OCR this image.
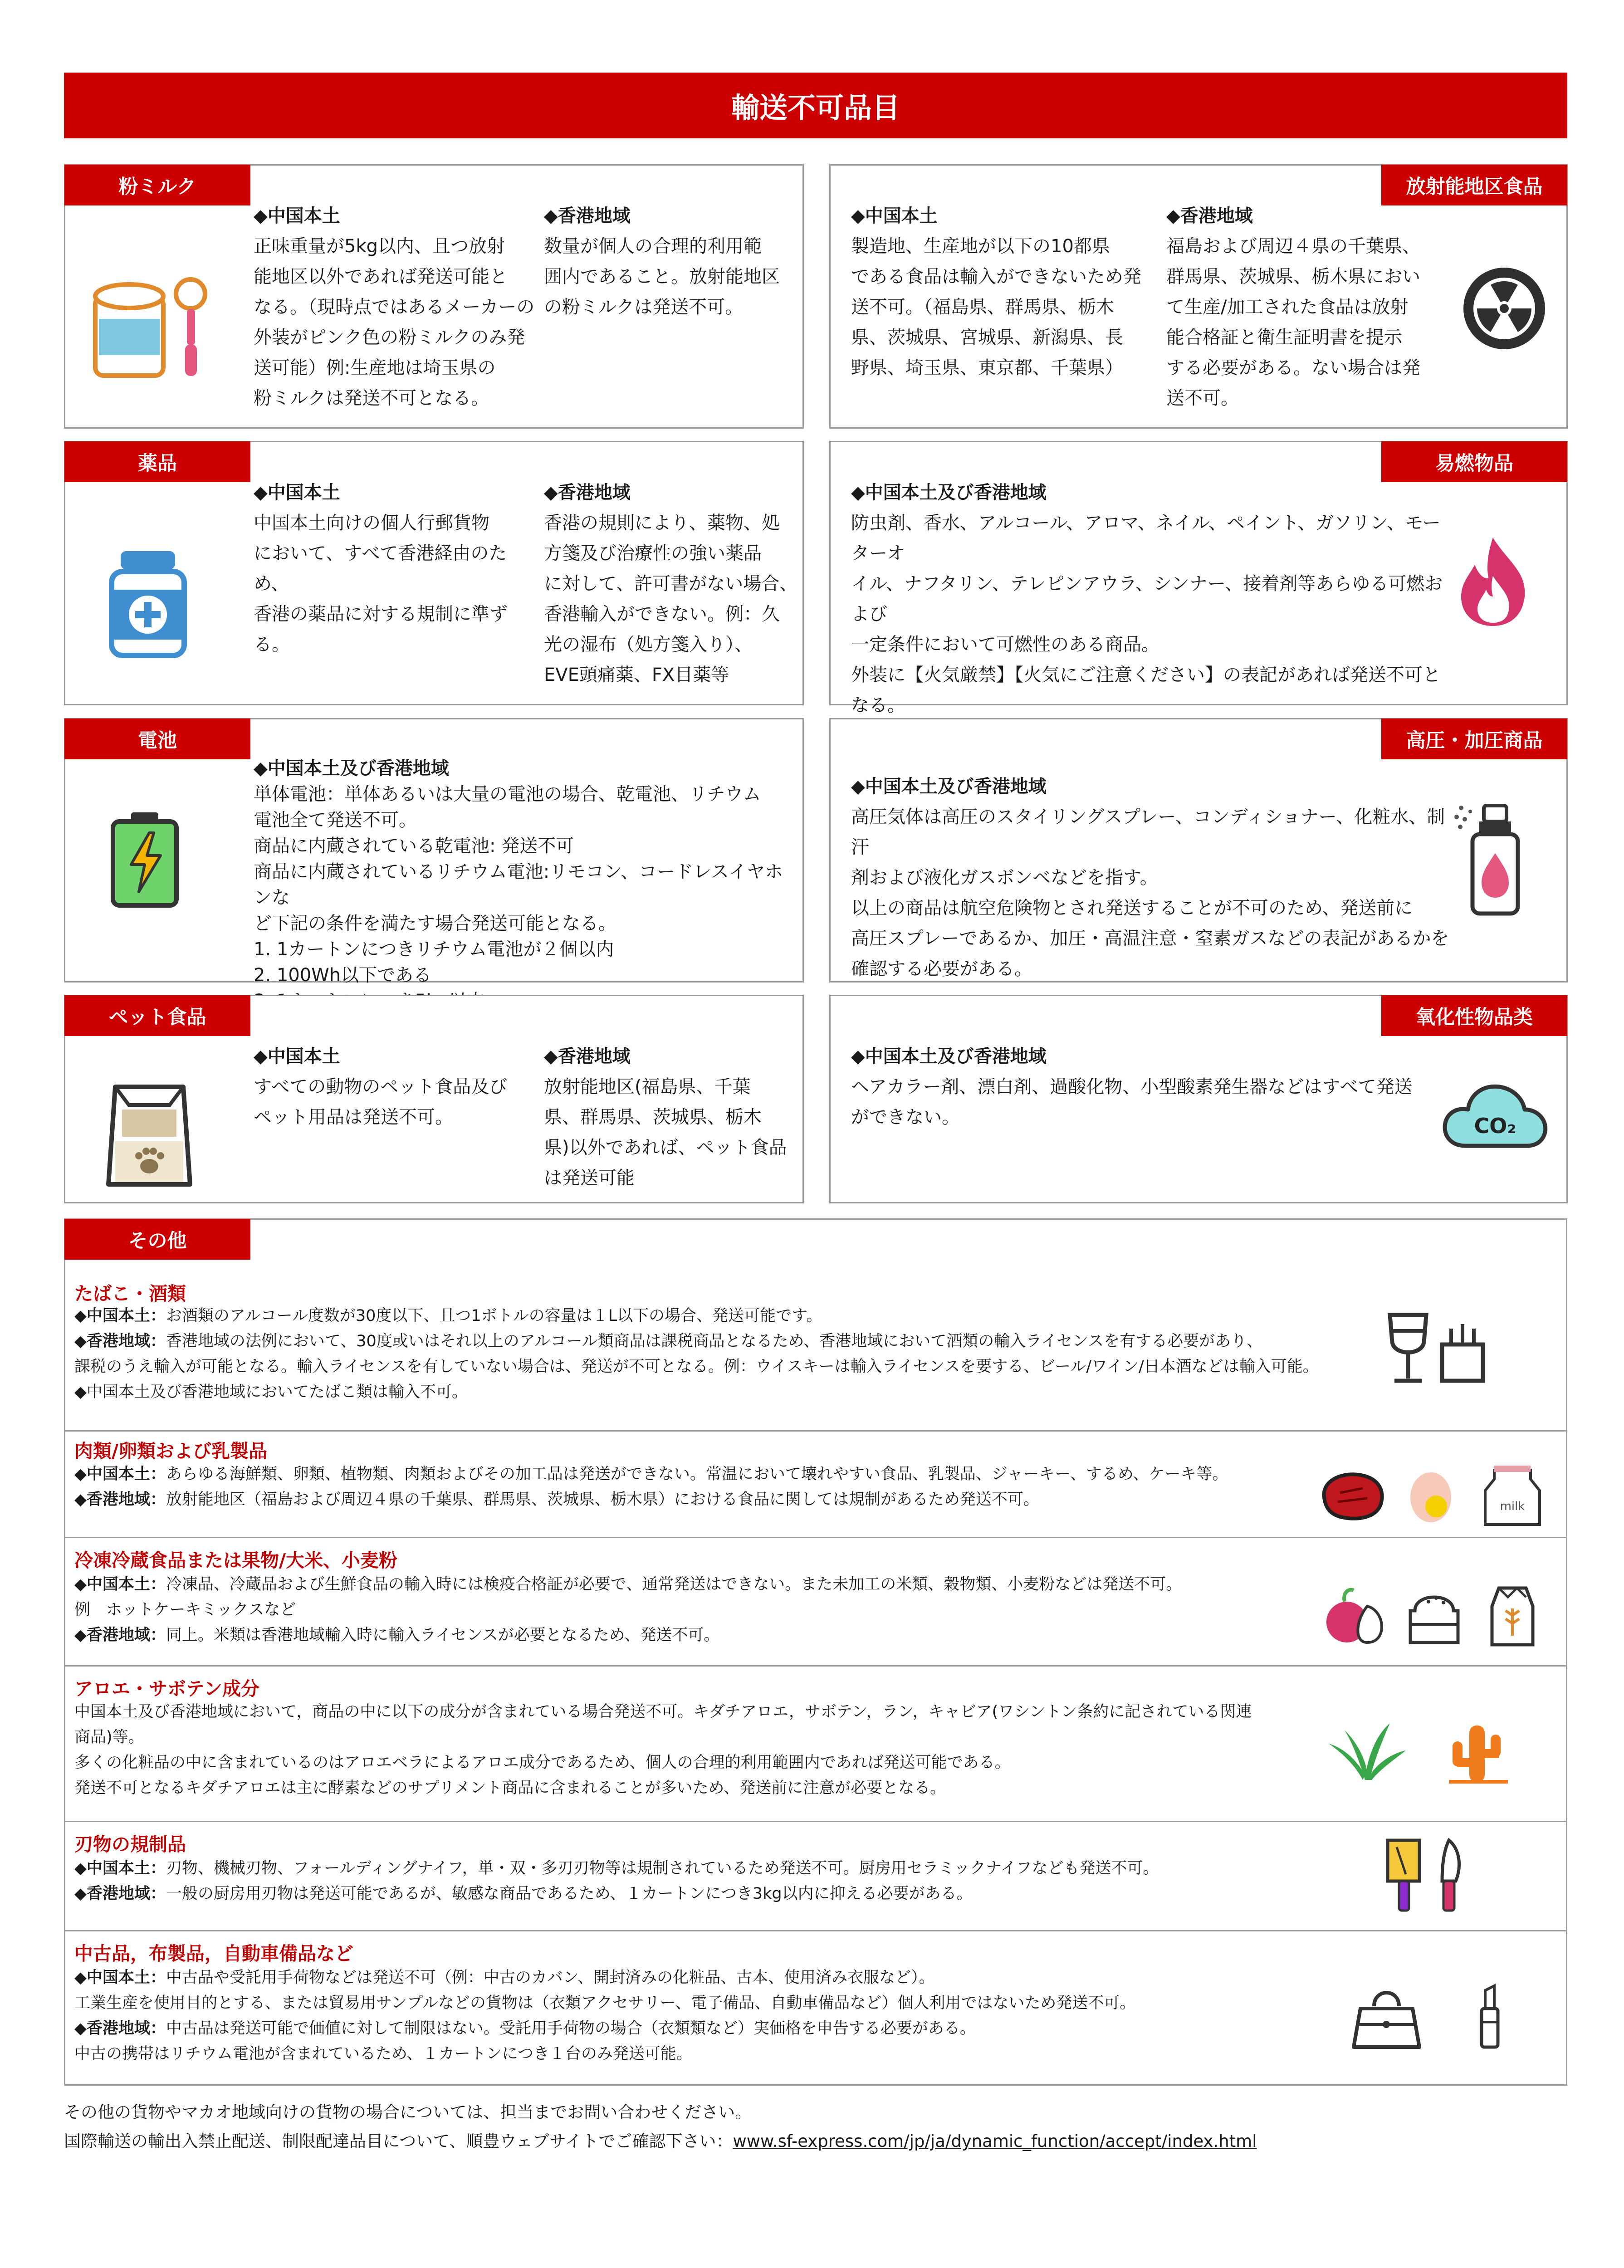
輸送不可品目
粉ミルク
◆中国本土
正味重量が5kg以内、且つ放射
能地区以外であれば発送可能と
なる。（現時点ではあるメーカーの
外装がピンク色の粉ミルクのみ発
送可能）例:生産地は埼玉県の
粉ミルクは発送不可となる。
◆香港地域
数量が個人の合理的利用範
囲内であること。放射能地区
の粉ミルクは発送不可。
放射能地区食品
◆中国本土
製造地、生産地が以下の10都県
である食品は輸入ができないため発
送不可。（福島県、群馬県、栃木
県、茨城県、宮城県、新潟県、長
野県、埼玉県、東京都、千葉県）
◆香港地域
福島および周辺４県の千葉県、
群馬県、茨城県、栃木県におい
て生産/加工された食品は放射
能合格証と衛生証明書を提示
する必要がある。ない場合は発
送不可。
薬品
◆中国本土
中国本土向けの個人行郵貨物
において、すべて香港経由のため、
香港の薬品に対する規制に準ず
る。
◆香港地域
香港の規則により、薬物、処
方箋及び治療性の強い薬品
に対して、許可書がない場合、
香港輸入ができない。例：久
光の湿布（処方箋入り）、
EVE頭痛薬、FX目薬等
易燃物品
◆中国本土及び香港地域
防虫剤、香水、アルコール、アロマ、ネイル、ペイント、ガソリン、モーターオ
イル、ナフタリン、テレピンアウラ、シンナー、接着剤等あらゆる可燃および
一定条件において可燃性のある商品。
外装に【火気厳禁】【火気にご注意ください】の表記があれば発送不可と
なる。
電池
◆中国本土及び香港地域
単体電池：単体あるいは大量の電池の場合、乾電池、リチウム
電池全て発送不可。
商品に内蔵されている乾電池: 発送不可
商品に内蔵されているリチウム電池:リモコン、コードレスイヤホンな
ど下記の条件を満たす場合発送可能となる。
1. 1カートンにつきリチウム電池が２個以内
2. 100Wh以下である

高圧・加圧商品
◆中国本土及び香港地域
高圧気体は高圧のスタイリングスプレー、コンディショナー、化粧水、制汗
剤および液化ガスボンベなどを指す。
以上の商品は航空危険物とされ発送することが不可のため、発送前に
高圧スプレーであるか、加圧・高温注意・窒素ガスなどの表記があるかを
確認する必要がある。
ペット食品
◆中国本土
すべての動物のペット食品及び
ペット用品は発送不可。
◆香港地域
放射能地区(福島県、千葉
県、群馬県、茨城県、栃木
県)以外であれば、ペット食品
は発送可能
氧化性物品类
◆中国本土及び香港地域
ヘアカラー剤、漂白剤、過酸化物、小型酸素発生器などはすべて発送
ができない。	CO₂
その他
たばこ・酒類
◆中国本土：お酒類のアルコール度数が30度以下、且つ1ボトルの容量は１L以下の場合、発送可能です。
◆香港地域：香港地域の法例において、30度或いはそれ以上のアルコール類商品は課税商品となるため、香港地域において酒類の輸入ライセンスを有する必要があり、
課税のうえ輸入が可能となる。輸入ライセンスを有していない場合は、発送が不可となる。例：ウイスキーは輸入ライセンスを要する、ビール/ワイン/日本酒などは輸入可能。
◆中国本土及び香港地域においてたばこ類は輸入不可。
肉類/卵類および乳製品
◆中国本土：あらゆる海鮮類、卵類、植物類、肉類およびその加工品は発送ができない。常温において壊れやすい食品、乳製品、ジャーキー、するめ、ケーキ等。
◆香港地域：放射能地区（福島および周辺４県の千葉県、群馬県、茨城県、栃木県）における食品に関しては規制があるため発送不可。	milk
冷凍冷蔵食品または果物/大米、小麦粉
◆中国本土：冷凍品、冷蔵品および生鮮食品の輸入時には検疫合格証が必要で、通常発送はできない。また未加工の米類、穀物類、小麦粉などは発送不可。
例　ホットケーキミックスなど
◆香港地域：同上。米類は香港地域輸入時に輸入ライセンスが必要となるため、発送不可。
アロエ・サボテン成分
中国本土及び香港地域において，商品の中に以下の成分が含まれている場合発送不可。キダチアロエ，サボテン，ラン，キャビア(ワシントン条約に記されている関連
商品)等。
多くの化粧品の中に含まれているのはアロエベラによるアロエ成分であるため、個人の合理的利用範囲内であれば発送可能である。
発送不可となるキダチアロエは主に酵素などのサプリメント商品に含まれることが多いため、発送前に注意が必要となる。
刃物の規制品
◆中国本土：刃物、機械刃物、フォールディングナイフ，単・双・多刃刃物等は規制されているため発送不可。厨房用セラミックナイフなども発送不可。
◆香港地域：一般の厨房用刃物は発送可能であるが、敏感な商品であるため、１カートンにつき3kg以内に抑える必要がある。
中古品，布製品，自動車備品など
◆中国本土：中古品や受託用手荷物などは発送不可（例：中古のカバン、開封済みの化粧品、古本、使用済み衣服など）。
工業生産を使用目的とする、または貿易用サンプルなどの貨物は（衣類アクセサリー、電子備品、自動車備品など）個人利用ではないため発送不可。
◆香港地域：中古品は発送可能で価値に対して制限はない。受託用手荷物の場合（衣類類など）実価格を申告する必要がある。
中古の携帯はリチウム電池が含まれているため、１カートンにつき１台のみ発送可能。
その他の貨物やマカオ地域向けの貨物の場合については、担当までお問い合わせください。
国際輸送の輸出入禁止配送、制限配達品目について、順豊ウェブサイトでご確認下さい：www.sf-express.com/jp/ja/dynamic_function/accept/index.html
